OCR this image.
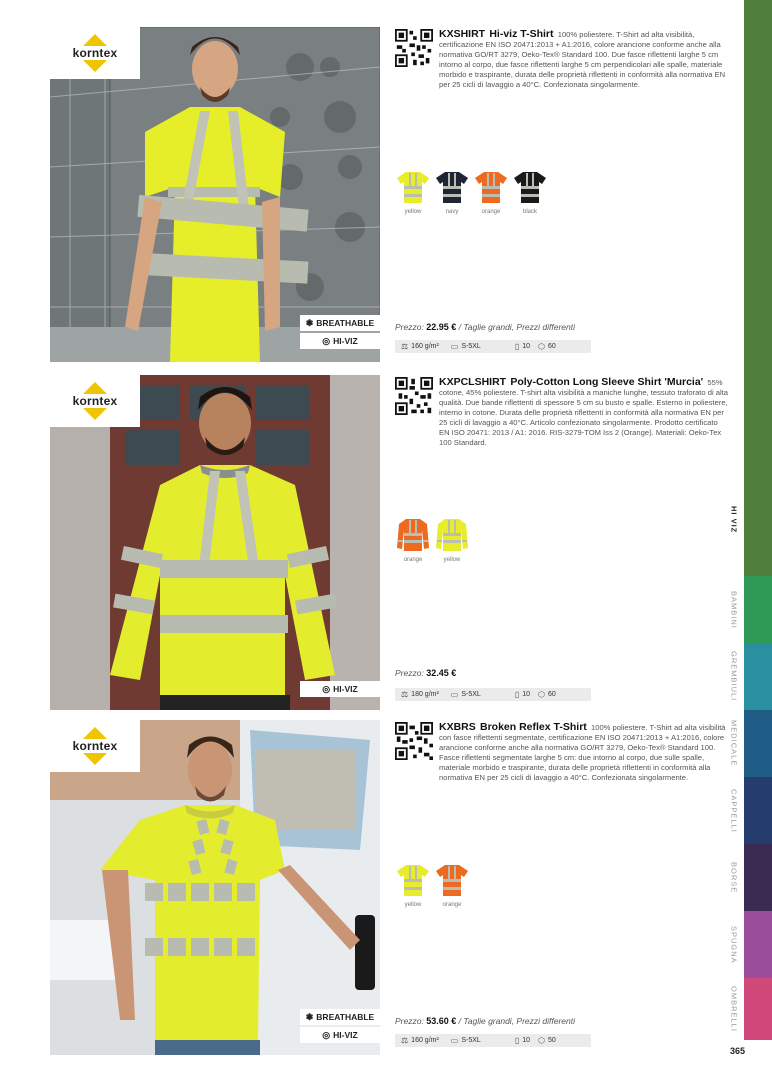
korntex
❃ BREATHABLE
◎ HI-VIZ
KXSHIRT Hi-viz T-Shirt 100% poliestere. T-Shirt ad alta visibilità, certificazione EN ISO 20471:2013 + A1:2016, colore arancione conforme anche alla normativa GO/RT 3279, Oeko-Tex® Standard 100. Due fasce riflettenti larghe 5 cm intorno al corpo, due fasce riflettenti larghe 5 cm perpendicolari alle spalle, materiale morbido e traspirante, durata delle proprietà riflettenti in conformità alla normativa EN per 25 cicli di lavaggio a 40°C. Confezionata singolarmente.
yellow	navy	orange	black
Prezzo: 22.95 € / Taglie grandi, Prezzi differenti
⚖ 160 g/m² ▭ S-5XL	▯ 10 ⬡ 60
korntex
◎ HI-VIZ
KXPCLSHIRT Poly-Cotton Long Sleeve Shirt 'Murcia' 55% cotone, 45% poliestere. T-shirt alta visibilità a maniche lunghe, tessuto traforato di alta qualità. Due bande riflettenti di spessore 5 cm su busto e spalle. Esterno in poliestere, interno in cotone. Durata delle proprietà riflettenti in conformità alla normativa EN per 25 cicli di lavaggio a 40°C. Articolo confezionato singolarmente. Prodotto certificato EN ISO 20471: 2013 / A1: 2016. RIS-3279-TOM Iss 2 (Orange). Materiali: Oeko-Tex 100 Standard.
orange	yellow
Prezzo: 32.45 €
⚖ 180 g/m² ▭ S-5XL	▯ 10 ⬡ 60
korntex
❃ BREATHABLE
◎ HI-VIZ
KXBRS Broken Reflex T-Shirt 100% poliestere. T-Shirt ad alta visibilità con fasce riflettenti segmentate, certificazione EN ISO 20471:2013 + A1:2016, colore arancione conforme anche alla normativa GO/RT 3279, Oeko-Tex® Standard 100. Fasce riflettenti segmentate larghe 5 cm: due intorno al corpo, due sulle spalle, materiale morbido e traspirante, durata delle proprietà riflettenti in conformità alla normativa EN per 25 cicli di lavaggio a 40°C. Confezionata singolarmente.
yellow	orange
Prezzo: 53.60 € / Taglie grandi, Prezzi differenti
⚖ 160 g/m² ▭ S-5XL	▯ 10 ⬡ 50
HI VIZ
BAMBINI
GREMBIULI
MEDICALE
CAPPELLI
BORSE
SPUGNA
OMBRELLI
365
